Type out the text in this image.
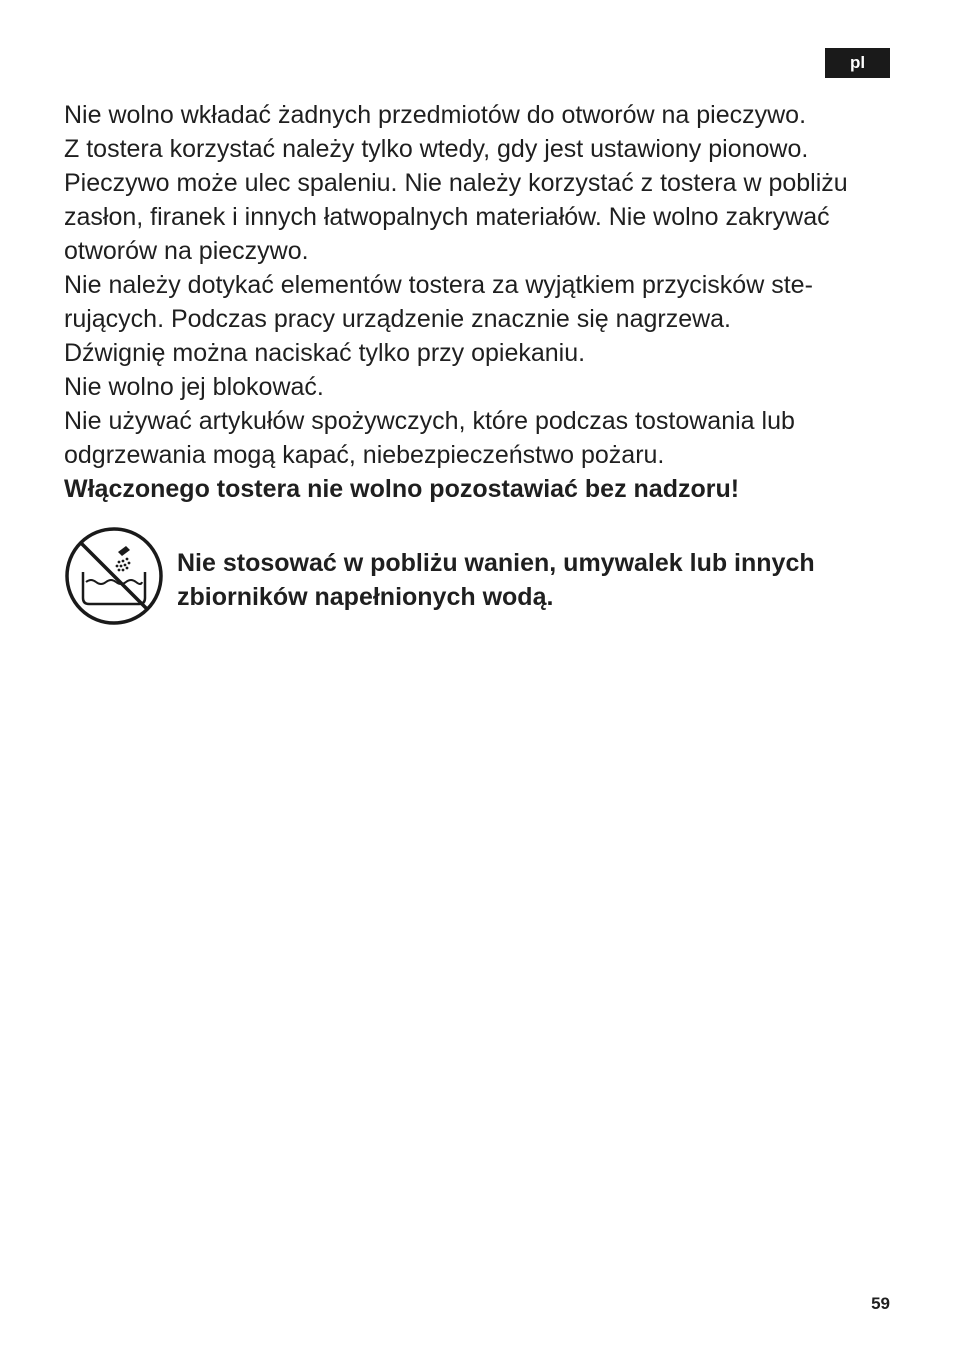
pl

Nie wolno wkładać żadnych przedmiotów do otworów na pieczywo.

Z tostera korzystać należy tylko wtedy, gdy jest ustawiony pionowo. Pieczywo może ulec spaleniu. Nie należy korzystać z tostera w pobliżu zasłon, firanek i innych łatwopalnych materiałów. Nie wolno zakrywać otworów na pieczywo.

Nie należy dotykać elementów tostera za wyjątkiem przycisków ste-rujących. Podczas pracy urządzenie znacznie się nagrzewa.

Dźwignię można naciskać tylko przy opiekaniu.

Nie wolno jej blokować.

Nie używać artykułów spożywczych, które podczas tostowania lub odgrzewania mogą kapać, niebezpieczeństwo pożaru.

Włączonego tostera nie wolno pozostawiać bez nadzoru!

Nie stosować w pobliżu wanien, umywalek lub innych zbiorników napełnionych wodą.

59
